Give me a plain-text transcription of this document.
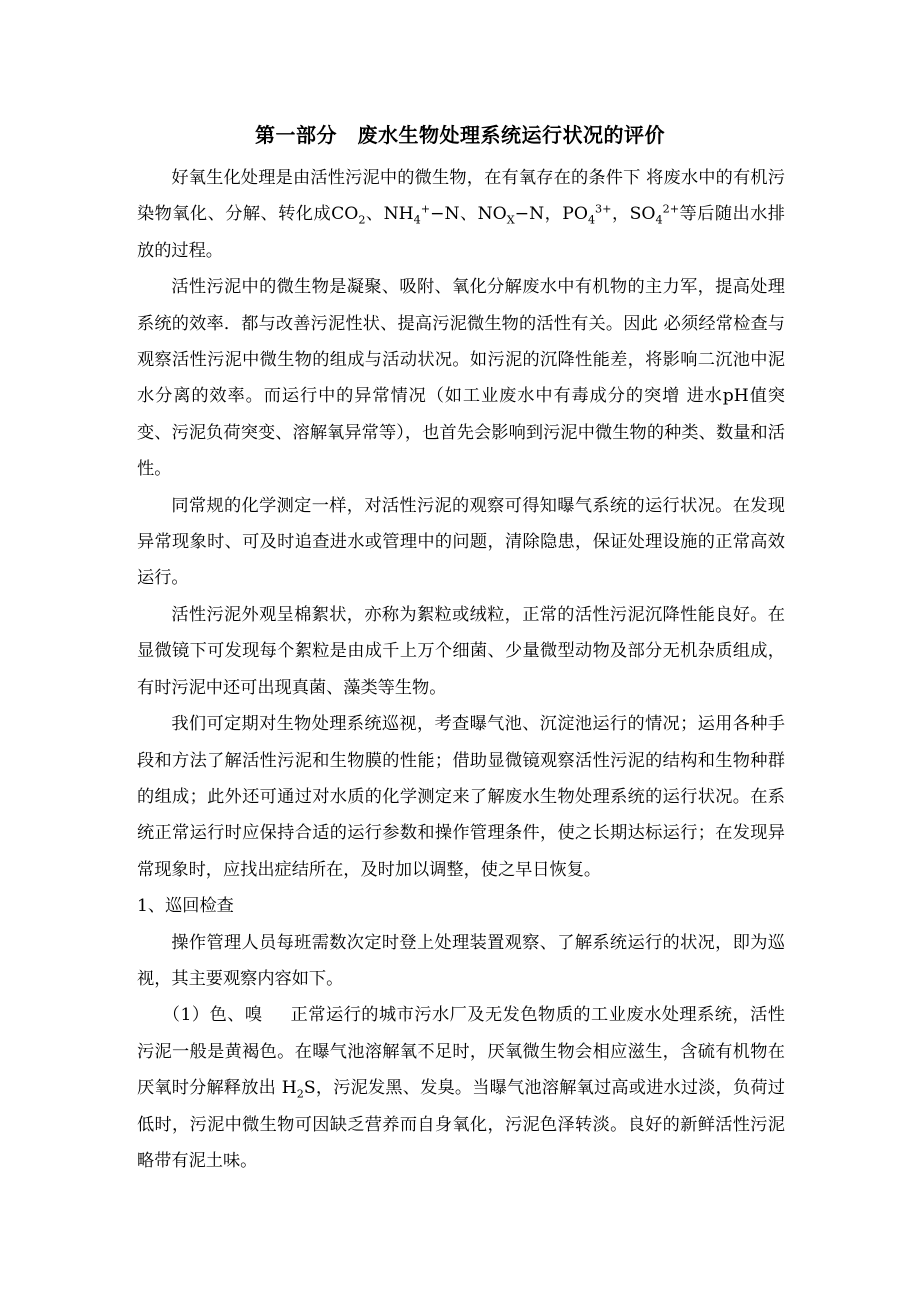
第一部分　废水生物处理系统运行状况的评价

好氧生化处理是由活性污泥中的微生物，在有氧存在的条件下 将废水中的有机污染物氧化、分解、转化成$CO_2$、$NH_4^+-N$、$NO_X-N$，$PO_4^{3+}$，$SO_4^{2+}$等后随出水排放的过程。

活性污泥中的微生物是凝聚、吸附、氧化分解废水中有机物的主力军，提高处理系统的效率．都与改善污泥性状、提高污泥微生物的活性有关。因此 必须经常检查与观察活性污泥中微生物的组成与活动状况。如污泥的沉降性能差，将影响二沉池中泥水分离的效率。而运行中的异常情况（如工业废水中有毒成分的突增 进水pH值突变、污泥负荷突变、溶解氧异常等），也首先会影响到污泥中微生物的种类、数量和活性。

同常规的化学测定一样，对活性污泥的观察可得知曝气系统的运行状况。在发现异常现象时、可及时追查进水或管理中的问题，清除隐患，保证处理设施的正常高效运行。

活性污泥外观呈棉絮状，亦称为絮粒或绒粒，正常的活性污泥沉降性能良好。在显微镜下可发现每个絮粒是由成千上万个细菌、少量微型动物及部分无机杂质组成，有时污泥中还可出现真菌、藻类等生物。

我们可定期对生物处理系统巡视，考查曝气池、沉淀池运行的情况；运用各种手段和方法了解活性污泥和生物膜的性能；借助显微镜观察活性污泥的结构和生物种群的组成；此外还可通过对水质的化学测定来了解废水生物处理系统的运行状况。在系统正常运行时应保持合适的运行参数和操作管理条件，使之长期达标运行；在发现异常现象时，应找出症结所在，及时加以调整，使之早日恢复。

1、巡回检查

操作管理人员每班需数次定时登上处理装置观察、了解系统运行的状况，即为巡视，其主要观察内容如下。

（1）色、嗅 正常运行的城市污水厂及无发色物质的工业废水处理系统，活性污泥一般是黄褐色。在曝气池溶解氧不足时，厌氧微生物会相应滋生，含硫有机物在厌氧时分解释放出 $H_2S$，污泥发黑、发臭。当曝气池溶解氧过高或进水过淡，负荷过低时，污泥中微生物可因缺乏营养而自身氧化，污泥色泽转淡。良好的新鲜活性污泥略带有泥土味。
